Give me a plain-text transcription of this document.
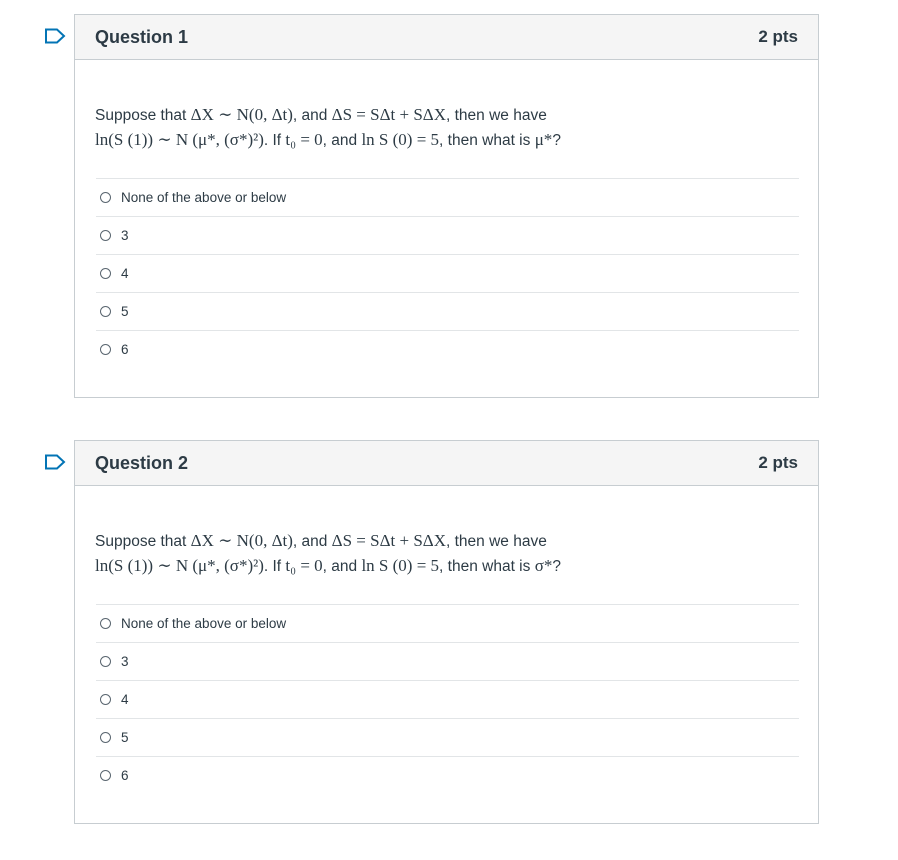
Question 1	2 pts
Suppose that ΔX ∼ N(0, Δt), and ΔS = SΔt + SΔX, then we have
ln(S (1)) ∼ N (μ*, (σ*)²). If t₀ = 0, and ln S (0) = 5, then what is μ*?
None of the above or below
3
4
5
6
Question 2	2 pts
Suppose that ΔX ∼ N(0, Δt), and ΔS = SΔt + SΔX, then we have
ln(S (1)) ∼ N (μ*, (σ*)²). If t₀ = 0, and ln S (0) = 5, then what is σ*?
None of the above or below
3
4
5
6
